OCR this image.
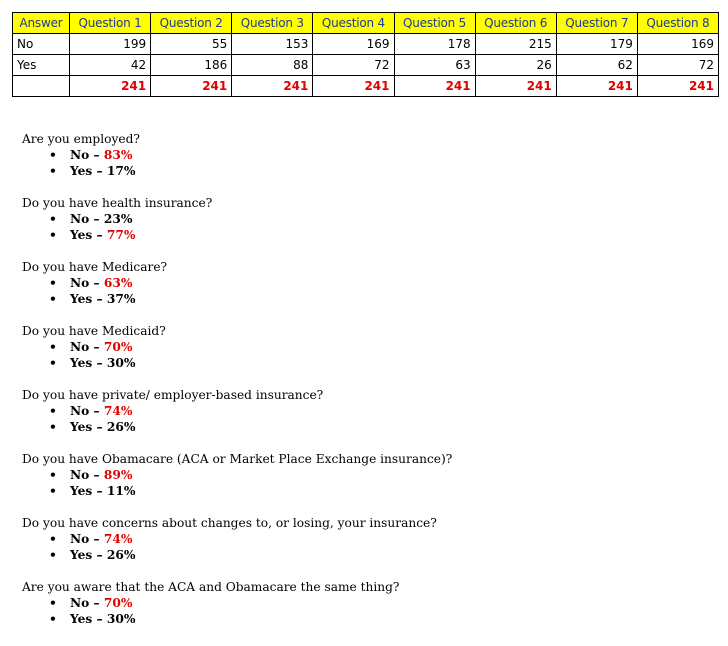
Answer	Question 1	Question 2	Question 3	Question 4	Question 5	Question 6	Question 7	Question 8
No	199	55	153	169	178	215	179	169
Yes	42	186	88	72	63	26	62	72
	241	241	241	241	241	241	241	241
Are you employed?
• No – 83%
• Yes – 17%
Do you have health insurance?
• No – 23%
• Yes – 77%
Do you have Medicare?
• No – 63%
• Yes – 37%
Do you have Medicaid?
• No – 70%
• Yes – 30%
Do you have private/ employer-based insurance?
• No – 74%
• Yes – 26%
Do you have Obamacare (ACA or Market Place Exchange insurance)?
• No – 89%
• Yes – 11%
Do you have concerns about changes to, or losing, your insurance?
• No – 74%
• Yes – 26%
Are you aware that the ACA and Obamacare the same thing?
• No – 70%
• Yes – 30%
